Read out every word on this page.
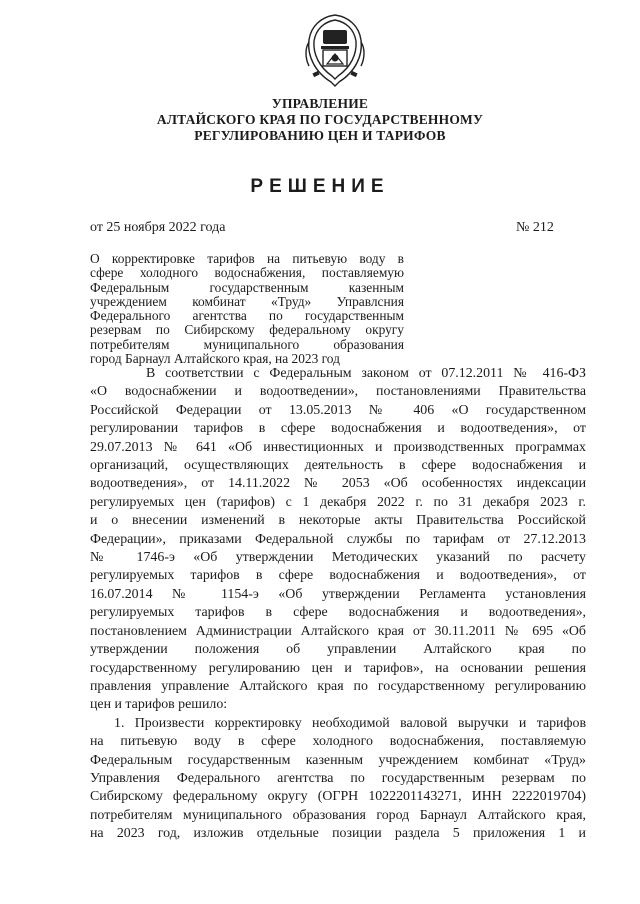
УПРАВЛЕНИЕ
АЛТАЙСКОГО КРАЯ ПО ГОСУДАРСТВЕННОМУ
РЕГУЛИРОВАНИЮ ЦЕН И ТАРИФОВ
РЕШЕНИЕ
от 25 ноября 2022 года	№ 212
О корректировке тарифов на питьевую воду в
сфере холодного водоснабжения, поставляемую
Федеральным государственным казенным
учреждением комбинат «Труд» Управлсния
Федерального агентства по государственным
резервам по Сибирскому федеральному округу
потребителям муниципального образования
город Барнаул Алтайского края, на 2023 год
В соответствии с Федеральным законом от 07.12.2011 № 416-ФЗ
«О водоснабжении и водоотведении», постановлениями Правительства
Российской Федерации от 13.05.2013 № 406 «О государственном
регулировании тарифов в сфере водоснабжения и водоотведения», от
29.07.2013 № 641 «Об инвестиционных и производственных программах
организаций, осуществляющих деятельность в сфере водоснабжения и
водоотведения», от 14.11.2022 № 2053 «Об особенностях индексации
регулируемых цен (тарифов) с 1 декабря 2022 г. по 31 декабря 2023 г.
и о внесении изменений в некоторые акты Правительства Российской
Федерации», приказами Федеральной службы по тарифам от 27.12.2013
№ 1746-э «Об утверждении Методических указаний по расчету
регулируемых тарифов в сфере водоснабжения и водоотведения», от
16.07.2014 № 1154-э «Об утверждении Регламента установления
регулируемых тарифов в сфере водоснабжения и водоотведения»,
постановлением Администрации Алтайского края от 30.11.2011 № 695 «Об
утверждении положения об управлении Алтайского края по
государственному регулированию цен и тарифов», на основании решения
правления управление Алтайского края по государственному регулированию
цен и тарифов решило:
1. Произвести корректировку необходимой валовой выручки и тарифов
на питьевую воду в сфере холодного водоснабжения, поставляемую
Федеральным государственным казенным учреждением комбинат «Труд»
Управления Федерального агентства по государственным резервам по
Сибирскому федеральному округу (ОГРН 1022201143271, ИНН 2222019704)
потребителям муниципального образования город Барнаул Алтайского края,
на 2023 год, изложив отдельные позиции раздела 5 приложения 1 и
